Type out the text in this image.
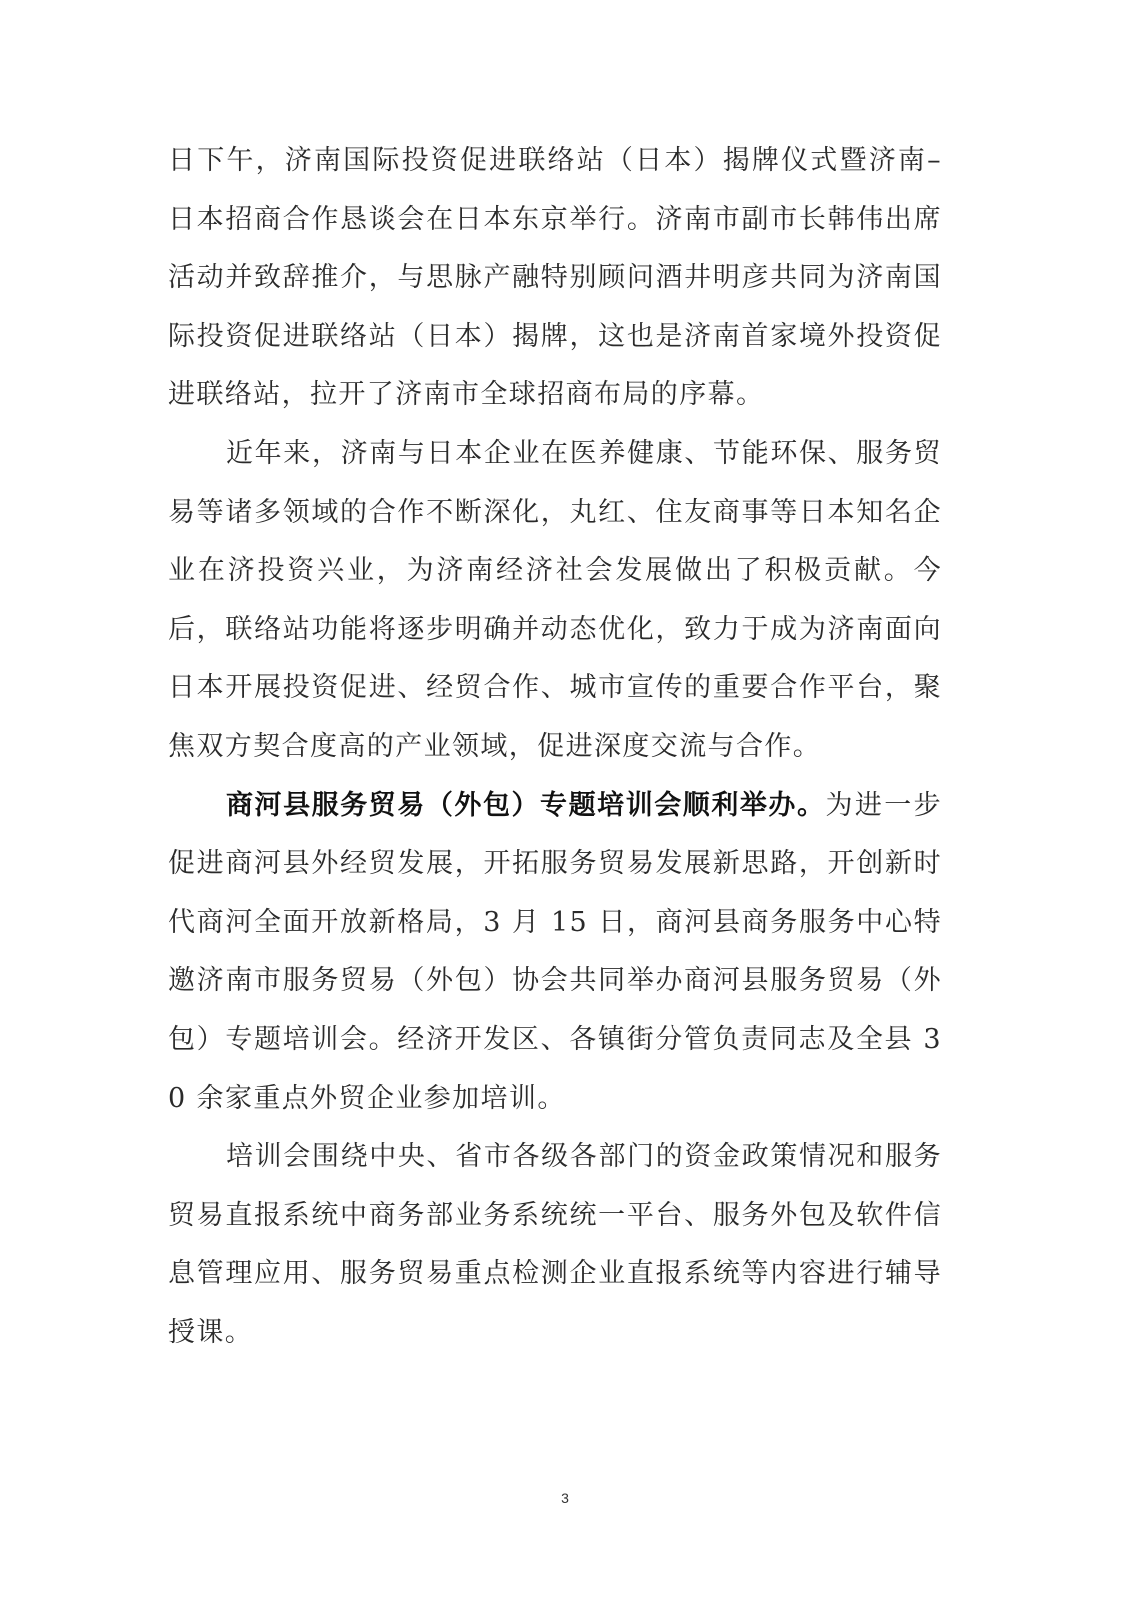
日下午，济南国际投资促进联络站（日本）揭牌仪式暨济南–日本招商合作恳谈会在日本东京举行。济南市副市长韩伟出席活动并致辞推介，与思脉产融特别顾问酒井明彦共同为济南国际投资促进联络站（日本）揭牌，这也是济南首家境外投资促进联络站，拉开了济南市全球招商布局的序幕。

近年来，济南与日本企业在医养健康、节能环保、服务贸易等诸多领域的合作不断深化，丸红、住友商事等日本知名企业在济投资兴业，为济南经济社会发展做出了积极贡献。今后，联络站功能将逐步明确并动态优化，致力于成为济南面向日本开展投资促进、经贸合作、城市宣传的重要合作平台，聚焦双方契合度高的产业领域，促进深度交流与合作。

商河县服务贸易（外包）专题培训会顺利举办。为进一步促进商河县外经贸发展，开拓服务贸易发展新思路，开创新时代商河全面开放新格局，3 月 15 日，商河县商务服务中心特邀济南市服务贸易（外包）协会共同举办商河县服务贸易（外包）专题培训会。经济开发区、各镇街分管负责同志及全县 30 余家重点外贸企业参加培训。

培训会围绕中央、省市各级各部门的资金政策情况和服务贸易直报系统中商务部业务系统统一平台、服务外包及软件信息管理应用、服务贸易重点检测企业直报系统等内容进行辅导授课。

3
